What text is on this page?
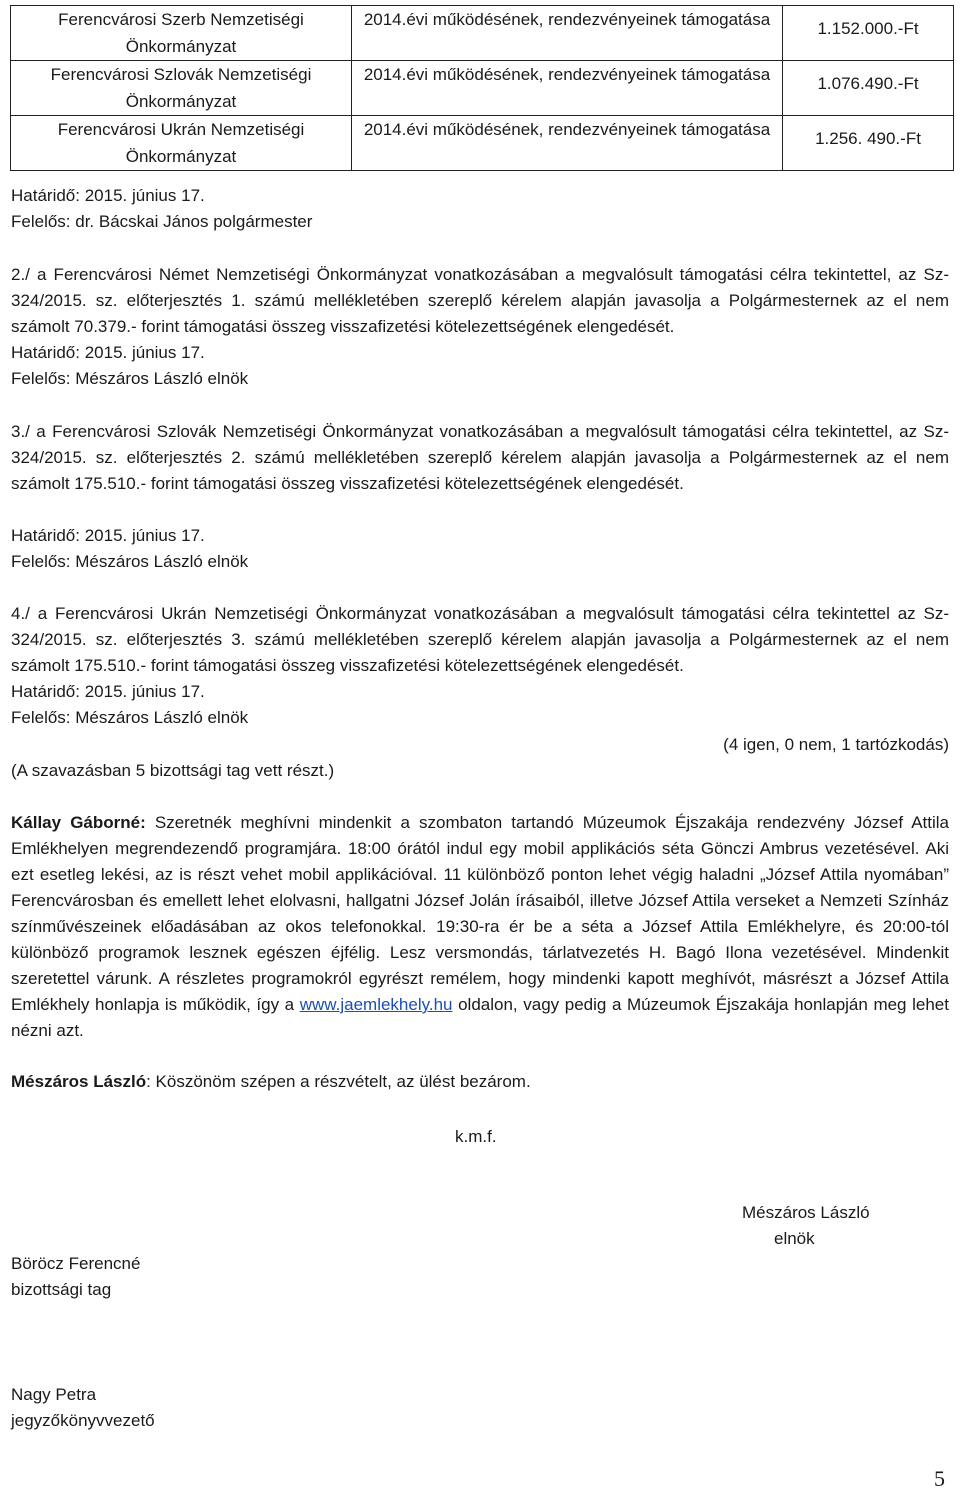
Ferencvárosi Szerb Nemzetiségi Önkormányzat	2014.évi működésének, rendezvényeinek támogatása	1.152.000.-Ft
Ferencvárosi Szlovák Nemzetiségi Önkormányzat	2014.évi működésének, rendezvényeinek támogatása	1.076.490.-Ft
Ferencvárosi Ukrán Nemzetiségi Önkormányzat	2014.évi működésének, rendezvényeinek támogatása	1.256. 490.-Ft
Határidő: 2015. június 17.
Felelős: dr. Bácskai János polgármester
2./ a Ferencvárosi Német Nemzetiségi Önkormányzat vonatkozásában a megvalósult támogatási célra tekintettel, az Sz-324/2015. sz. előterjesztés 1. számú mellékletében szereplő kérelem alapján javasolja a Polgármesternek az el nem számolt 70.379.- forint támogatási összeg visszafizetési kötelezettségének elengedését.
Határidő: 2015. június 17.
Felelős: Mészáros László elnök
3./ a Ferencvárosi Szlovák Nemzetiségi Önkormányzat vonatkozásában a megvalósult támogatási célra tekintettel, az Sz-324/2015. sz. előterjesztés 2. számú mellékletében szereplő kérelem alapján javasolja a Polgármesternek az el nem számolt 175.510.- forint támogatási összeg visszafizetési kötelezettségének elengedését.
Határidő: 2015. június 17.
Felelős: Mészáros László elnök
4./ a Ferencvárosi Ukrán Nemzetiségi Önkormányzat vonatkozásában a megvalósult támogatási célra tekintettel az Sz-324/2015. sz. előterjesztés 3. számú mellékletében szereplő kérelem alapján javasolja a Polgármesternek az el nem számolt 175.510.- forint támogatási összeg visszafizetési kötelezettségének elengedését.
Határidő: 2015. június 17.
Felelős: Mészáros László elnök
(4 igen, 0 nem, 1 tartózkodás)
(A szavazásban 5 bizottsági tag vett részt.)
Kállay Gáborné: Szeretnék meghívni mindenkit a szombaton tartandó Múzeumok Éjszakája rendezvény József Attila Emlékhelyen megrendezendő programjára. 18:00 órától indul egy mobil applikációs séta Gönczi Ambrus vezetésével. Aki ezt esetleg lekési, az is részt vehet mobil applikációval. 11 különböző ponton lehet végig haladni „József Attila nyomában” Ferencvárosban és emellett lehet elolvasni, hallgatni József Jolán írásaiból, illetve József Attila verseket a Nemzeti Színház színművészeinek előadásában az okos telefonokkal. 19:30-ra ér be a séta a József Attila Emlékhelyre, és 20:00-tól különböző programok lesznek egészen éjfélig. Lesz versmondás, tárlatvezetés H. Bagó Ilona vezetésével. Mindenkit szeretettel várunk. A részletes programokról egyrészt remélem, hogy mindenki kapott meghívót, másrészt a József Attila Emlékhely honlapja is működik, így a www.jaemlekhely.hu oldalon, vagy pedig a Múzeumok Éjszakája honlapján meg lehet nézni azt.
Mészáros László: Köszönöm szépen a részvételt, az ülést bezárom.
k.m.f.
Mészáros László
elnök
Böröcz Ferencné
bizottsági tag
Nagy Petra
jegyzőkönyvvezető
5
